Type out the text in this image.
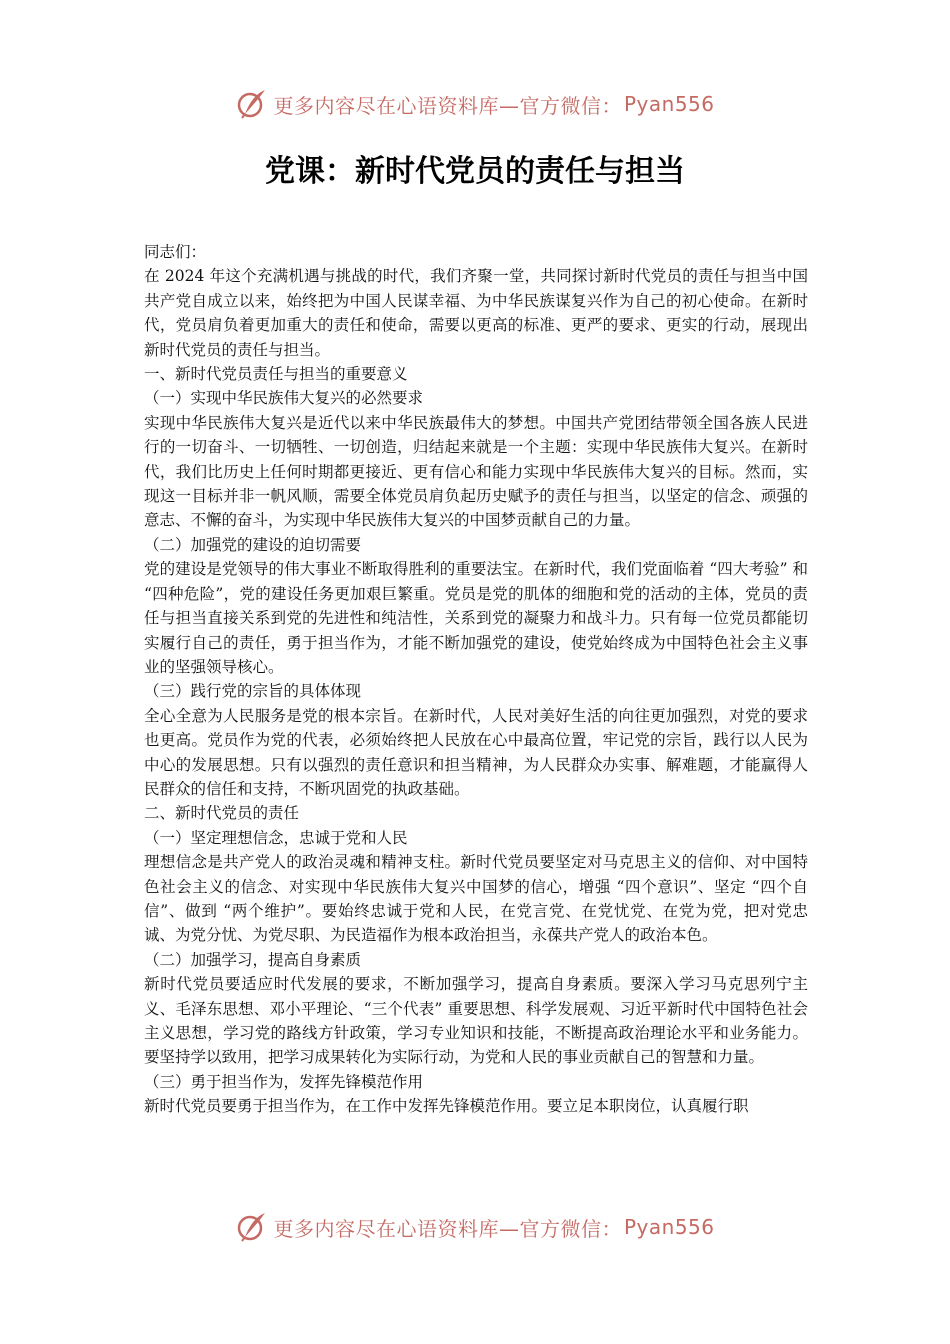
更多内容尽在心语资料库—官方微信： Pyan556
党课：新时代党员的责任与担当

同志们：

在 2024 年这个充满机遇与挑战的时代，我们齐聚一堂，共同探讨新时代党员的责任与担当中国共产党自成立以来，始终把为中国人民谋幸福、为中华民族谋复兴作为自己的初心使命。在新时代，党员肩负着更加重大的责任和使命，需要以更高的标准、更严的要求、更实的行动，展现出新时代党员的责任与担当。

一、新时代党员责任与担当的重要意义

（一）实现中华民族伟大复兴的必然要求

实现中华民族伟大复兴是近代以来中华民族最伟大的梦想。中国共产党团结带领全国各族人民进行的一切奋斗、一切牺牲、一切创造，归结起来就是一个主题：实现中华民族伟大复兴。在新时代，我们比历史上任何时期都更接近、更有信心和能力实现中华民族伟大复兴的目标。然而，实现这一目标并非一帆风顺，需要全体党员肩负起历史赋予的责任与担当，以坚定的信念、顽强的意志、不懈的奋斗，为实现中华民族伟大复兴的中国梦贡献自己的力量。

（二）加强党的建设的迫切需要

党的建设是党领导的伟大事业不断取得胜利的重要法宝。在新时代，我们党面临着 “四大考验” 和 “四种危险”，党的建设任务更加艰巨繁重。党员是党的肌体的细胞和党的活动的主体，党员的责任与担当直接关系到党的先进性和纯洁性，关系到党的凝聚力和战斗力。只有每一位党员都能切实履行自己的责任，勇于担当作为，才能不断加强党的建设，使党始终成为中国特色社会主义事业的坚强领导核心。

（三）践行党的宗旨的具体体现

全心全意为人民服务是党的根本宗旨。在新时代，人民对美好生活的向往更加强烈，对党的要求也更高。党员作为党的代表，必须始终把人民放在心中最高位置，牢记党的宗旨，践行以人民为中心的发展思想。只有以强烈的责任意识和担当精神，为人民群众办实事、解难题，才能赢得人民群众的信任和支持，不断巩固党的执政基础。

二、新时代党员的责任

（一）坚定理想信念，忠诚于党和人民

理想信念是共产党人的政治灵魂和精神支柱。新时代党员要坚定对马克思主义的信仰、对中国特色社会主义的信念、对实现中华民族伟大复兴中国梦的信心，增强 “四个意识”、坚定 “四个自信”、做到 “两个维护”。要始终忠诚于党和人民，在党言党、在党忧党、在党为党，把对党忠诚、为党分忧、为党尽职、为民造福作为根本政治担当，永葆共产党人的政治本色。

（二）加强学习，提高自身素质

新时代党员要适应时代发展的要求，不断加强学习，提高自身素质。要深入学习马克思列宁主义、毛泽东思想、邓小平理论、“三个代表” 重要思想、科学发展观、习近平新时代中国特色社会主义思想，学习党的路线方针政策，学习专业知识和技能，不断提高政治理论水平和业务能力。要坚持学以致用，把学习成果转化为实际行动，为党和人民的事业贡献自己的智慧和力量。

（三）勇于担当作为，发挥先锋模范作用

新时代党员要勇于担当作为，在工作中发挥先锋模范作用。要立足本职岗位，认真履行职

更多内容尽在心语资料库—官方微信： Pyan556
